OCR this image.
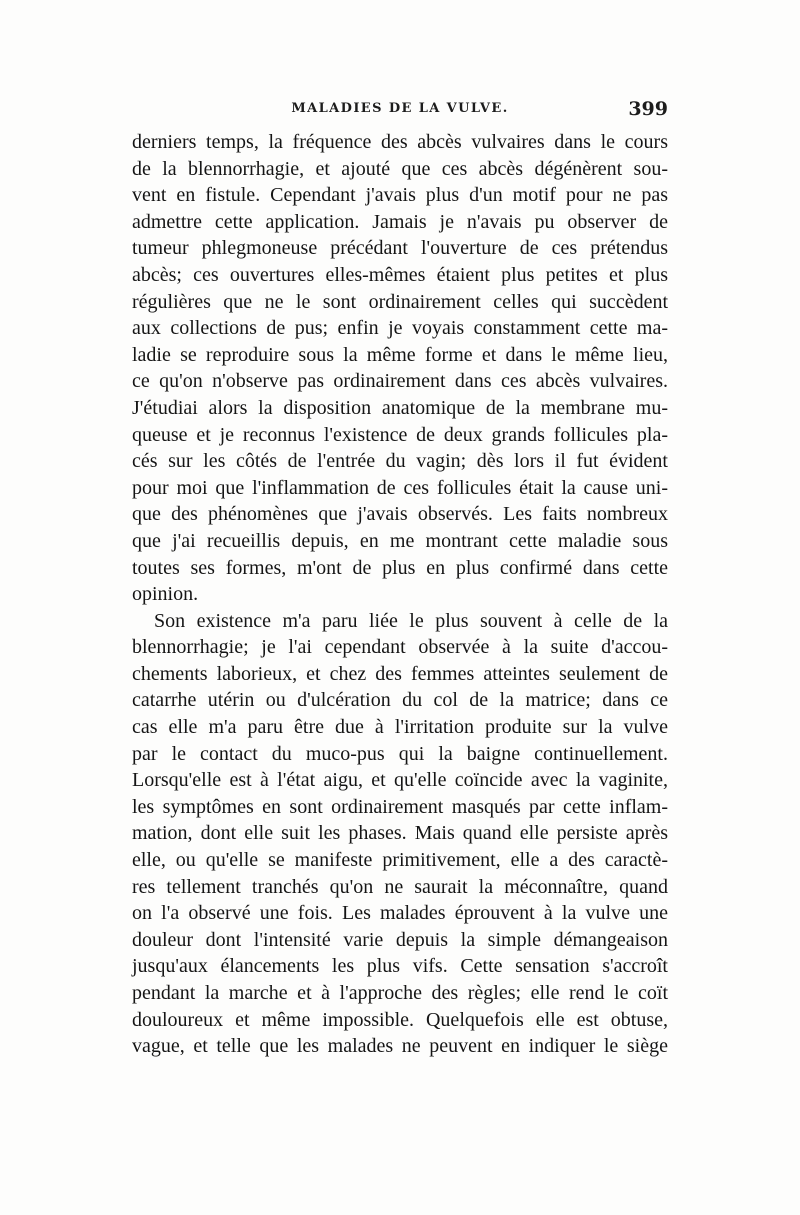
MALADIES DE LA VULVE.	399
derniers temps, la fréquence des abcès vulvaires dans le cours
de la blennorrhagie, et ajouté que ces abcès dégénèrent sou-
vent en fistule. Cependant j'avais plus d'un motif pour ne pas
admettre cette application. Jamais je n'avais pu observer de
tumeur phlegmoneuse précédant l'ouverture de ces prétendus
abcès; ces ouvertures elles-mêmes étaient plus petites et plus
régulières que ne le sont ordinairement celles qui succèdent
aux collections de pus; enfin je voyais constamment cette ma-
ladie se reproduire sous la même forme et dans le même lieu,
ce qu'on n'observe pas ordinairement dans ces abcès vulvaires.
J'étudiai alors la disposition anatomique de la membrane mu-
queuse et je reconnus l'existence de deux grands follicules pla-
cés sur les côtés de l'entrée du vagin; dès lors il fut évident
pour moi que l'inflammation de ces follicules était la cause uni-
que des phénomènes que j'avais observés. Les faits nombreux
que j'ai recueillis depuis, en me montrant cette maladie sous
toutes ses formes, m'ont de plus en plus confirmé dans cette
opinion.
Son existence m'a paru liée le plus souvent à celle de la
blennorrhagie; je l'ai cependant observée à la suite d'accou-
chements laborieux, et chez des femmes atteintes seulement de
catarrhe utérin ou d'ulcération du col de la matrice; dans ce
cas elle m'a paru être due à l'irritation produite sur la vulve
par le contact du muco-pus qui la baigne continuellement.
Lorsqu'elle est à l'état aigu, et qu'elle coïncide avec la vaginite,
les symptômes en sont ordinairement masqués par cette inflam-
mation, dont elle suit les phases. Mais quand elle persiste après
elle, ou qu'elle se manifeste primitivement, elle a des caractè-
res tellement tranchés qu'on ne saurait la méconnaître, quand
on l'a observé une fois. Les malades éprouvent à la vulve une
douleur dont l'intensité varie depuis la simple démangeaison
jusqu'aux élancements les plus vifs. Cette sensation s'accroît
pendant la marche et à l'approche des règles; elle rend le coït
douloureux et même impossible. Quelquefois elle est obtuse,
vague, et telle que les malades ne peuvent en indiquer le siège
